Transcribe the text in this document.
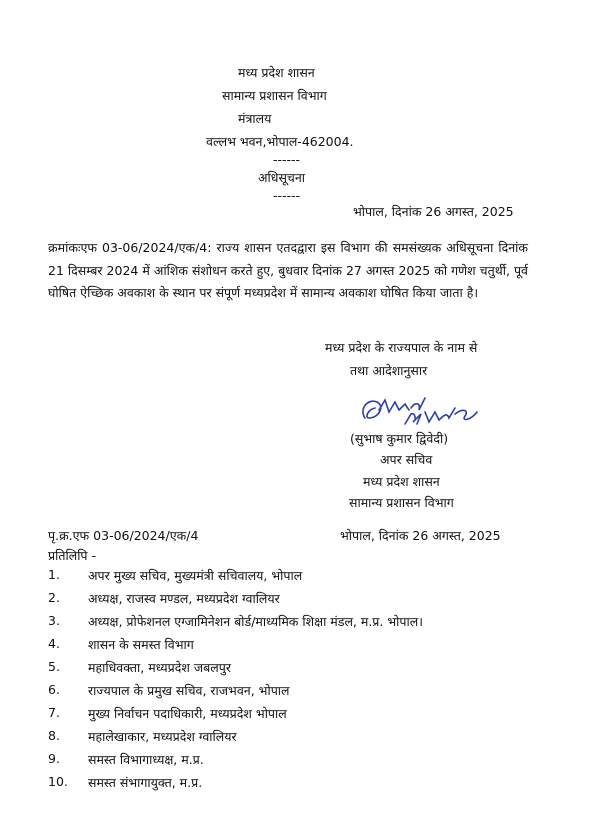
मध्य प्रदेश शासन
सामान्य प्रशासन विभाग
मंत्रालय
वल्लभ भवन,भोपाल-462004.
------
अधिसूचना
------
भोपाल, दिनांक 26 अगस्त, 2025
क्रमांकःएफ 03-06/2024/एक/4: राज्य शासन एतदद्वारा इस विभाग की समसंख्यक अधिसूचना दिनांक 21 दिसम्बर 2024 में आंशिक संशोधन करते हुए, बुधवार दिनांक 27 अगस्त 2025 को गणेश चतुर्थी, पूर्व घोषित ऐच्छिक अवकाश के स्थान पर संपूर्ण मध्यप्रदेश में सामान्य अवकाश घोषित किया जाता है।
मध्य प्रदेश के राज्यपाल के नाम से
तथा आदेशानुसार
(सुभाष कुमार द्विवेदी)
अपर सचिव
मध्य प्रदेश शासन
सामान्य प्रशासन विभाग
पृ.क्र.एफ 03-06/2024/एक/4	भोपाल, दिनांक 26 अगस्त, 2025
प्रतिलिपि -
1. अपर मुख्य सचिव, मुख्यमंत्री सचिवालय, भोपाल
2. अध्यक्ष, राजस्व मण्डल, मध्यप्रदेश ग्वालियर
3. अध्यक्ष, प्रोफेशनल एग्जामिनेशन बोर्ड/माध्यमिक शिक्षा मंडल, म.प्र. भोपाल।
4. शासन के समस्त विभाग
5. महाधिवक्ता, मध्यप्रदेश जबलपुर
6. राज्यपाल के प्रमुख सचिव, राजभवन, भोपाल
7. मुख्य निर्वाचन पदाधिकारी, मध्यप्रदेश भोपाल
8. महालेखाकार, मध्यप्रदेश ग्वालियर
9. समस्त विभागाध्यक्ष, म.प्र.
10. समस्त संभागायुक्त, म.प्र.
